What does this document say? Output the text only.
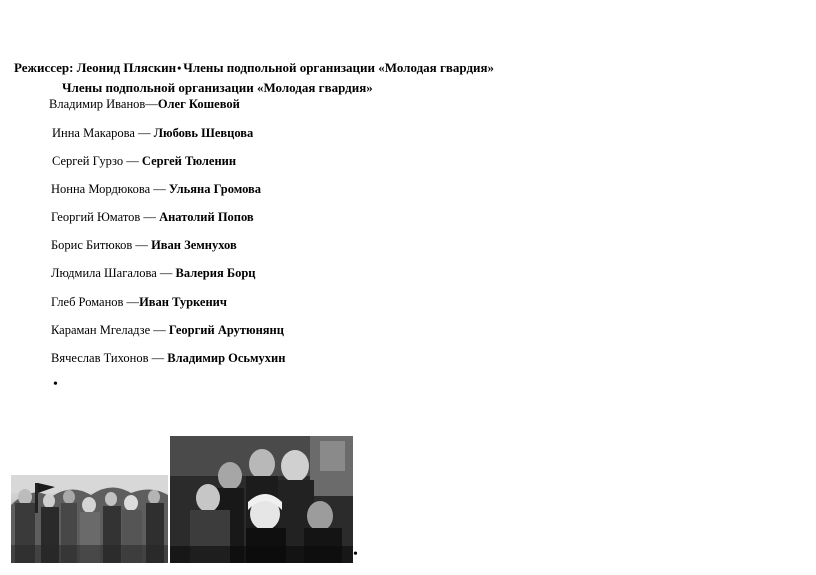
Режиссер: Леонид Пляскин• Члены подпольной организации «Молодая гвардия»
Члены подпольной организации «Молодая гвардия»
Владимир Иванов—Олег Кошевой
Инна Макарова — Любовь Шевцова
Сергей Гурзо — Сергей Тюленин
Нонна Мордюкова — Ульяна Громова
Георгий Юматов — Анатолий Попов
Борис Битюков — Иван Земнухов
Людмила Шагалова — Валерия Борц
Глеб Романов —Иван Туркенич
Караман Мгеладзе — Георгий Арутюнянц
Вячеслав Тихонов — Владимир Осьмухин
•
•
